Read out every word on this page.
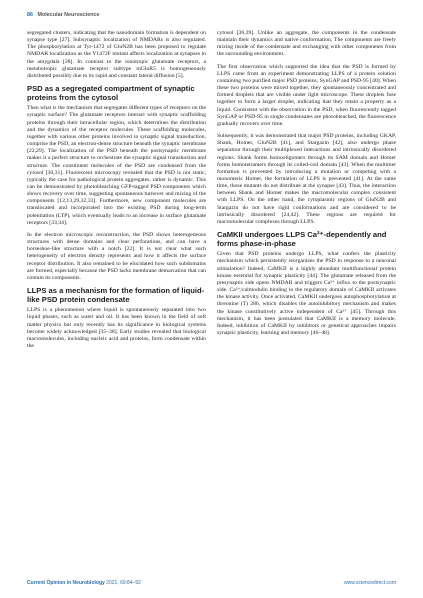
86 Molecular Neuroscience

segregated clusters, indicating that the nanodomain formation is dependent on synapse type [27]. Subsynaptic localization of NMDARs is also regulated. The phosphorylation at Tyr-1472 of GluN2B has been proposed to regulate NMDAR localization as the Y1472F mutant affects localization at synapses in the amygdala [28]. In contrast to the ionotropic glutamate receptors, a metabotropic glutamate receptor subtype mGluR5 is homogeneously distributed possibly due to its rapid and constant lateral diffusion [5].

PSD as a segregated compartment of synaptic proteins from the cytosol

Then what is the mechanism that segregates different types of receptors on the synaptic surface? The glutamate receptors interact with synaptic scaffolding proteins through their intracellular region, which determines the distribution and the dynamics of the receptor molecules. These scaffolding molecules, together with various other proteins involved in synaptic signal transduction, comprise the PSD, an electron-dense structure beneath the synaptic membrane [22,29]. The localization of the PSD beneath the postsynaptic membrane makes it a perfect structure to orchestrate the synaptic signal transduction and structure. The constituent molecules of the PSD are condensed from the cytosol [30,31]. Fluorescent microscopy revealed that the PSD is not static, typically the case for pathological protein aggregates, rather is dynamic. This can be demonstrated by photobleaching GFP-tagged PSD components which shows recovery over time, suggesting spontaneous turnover and mixing of the components [12,13,29,32,33]. Furthermore, new component molecules are translocated and incorporated into the existing PSD during long-term potentiation (LTP), which eventually leads to an increase in surface glutamate receptors [33,34].

In the electron microscopic reconstruction, the PSD shows heterogeneous structures with dense domains and clear perforations, and can have a horseshoe-like structure with a notch [22]. It is not clear what such heterogeneity of electron density represents and how it affects the surface receptor distribution. It also remained to be elucidated how such subdomains are formed, especially because the PSD lacks membrane demarcation that can contain its components.

LLPS as a mechanism for the formation of liquid-like PSD protein condensate

LLPS is a phenomenon where liquid is spontaneously separated into two liquid phases, such as water and oil. It has been known in the field of soft matter physics but only recently has its significance in biological systems become widely acknowledged [35–38]. Early studies revealed that biological macromolecules, including nucleic acid and proteins, form condensate within the

cytosol [36,39]. Unlike an aggregate, the components in the condensate maintain their dynamics and native conformation. The components are freely mixing inside of the condensate and exchanging with other components from the surrounding environment.

The first observation which supported the idea that the PSD is formed by LLPS came from an experiment demonstrating LLPS of a protein solution containing two purified major PSD proteins, SynGAP and PSD-95 [40]. When these two proteins were mixed together, they spontaneously concentrated and formed droplets that are visible under light microscope. These droplets fuse together to form a larger droplet, indicating that they retain a property as a liquid. Consistent with the observation in the PSD, when fluorescently tagged SynGAP or PSD-95 in single condensates are photobleached, the fluorescence gradually recovers over time.

Subsequently, it was demonstrated that major PSD proteins, including GKAP, Shank, Homer, GluN2B [41], and Stargazin [42], also undergo phase separation through their multiplexed interactions and intrinsically disordered regions. Shank forms homooligomers through its SAM domain and Homer forms homotetramers through its coiled-coil domain [43]. When the multimer formation is prevented by introducing a mutation or competing with a monomeric Homer, the formation of LLPS is prevented [41]. At the same time, those mutants do not distribute at the synapse [43]. Thus, the interaction between Shank and Homer makes the macromolecular complex consistent with LLPS. On the other hand, the cytoplasmic regions of GluN2B and Stargazin do not have rigid conformations and are considered to be intrinsically disordered [24,42]. These regions are required for macromolecular complexes through LLPS.

CaMKII undergoes LLPS Ca²⁺-dependently and forms phase-in-phase

Given that PSD proteins undergo LLPS, what confers the plasticity mechanism which persistently reorganizes the PSD in response to a neuronal stimulation? Indeed, CaMKII is a highly abundant multifunctional protein kinase essential for synaptic plasticity [44]. The glutamate released from the presynaptic side opens NMDAR and triggers Ca²⁺ influx to the postsynaptic side. Ca²⁺/calmodulin binding to the regulatory domain of CaMKII activates the kinase activity. Once activated, CaMKII undergoes autophosphorylation at threonine (T) 286, which disables the autoinhibitory mechanism and makes the kinase constitutively active independent of Ca²⁺ [45]. Through this mechanism, it has been postulated that CaMKII is a memory molecule. Indeed, inhibition of CaMKII by inhibitors or genetical approaches impairs synaptic plasticity, learning and memory [46–48].

Current Opinion in Neurobiology 2021, 69:84–92	www.sciencedirect.com
